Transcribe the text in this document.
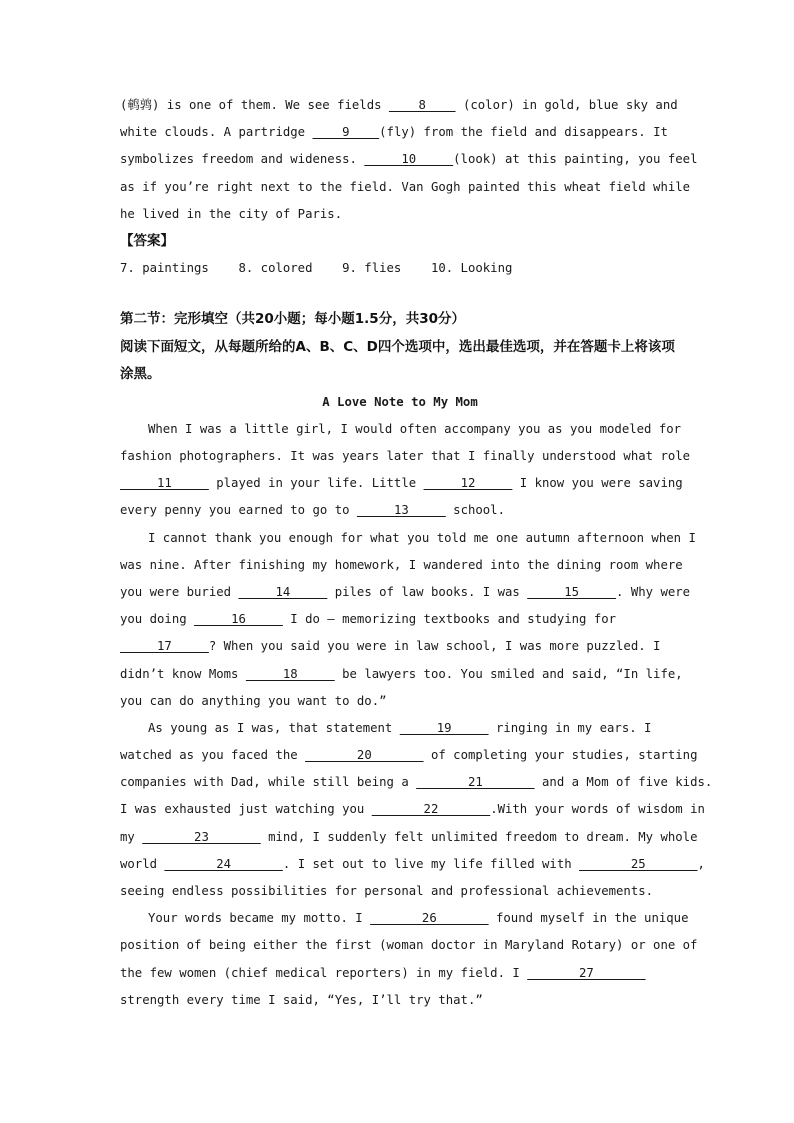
(鹌鹑) is one of them. We see fields     8     (color) in gold, blue sky and
white clouds. A partridge     9    (fly) from the field and disappears. It
symbolizes freedom and wideness.      10     (look) at this painting, you feel
as if you’re right next to the field. Van Gogh painted this wheat field while
he lived in the city of Paris.
【答案】
7. paintings    8. colored    9. flies    10. Looking
第二节：完形填空（共20小题；每小题1.5分，共30分）
阅读下面短文，从每题所给的A、B、C、D四个选项中，选出最佳选项，并在答题卡上将该项涂黑。
A Love Note to My Mom
When I was a little girl, I would often accompany you as you modeled for
fashion photographers. It was years later that I finally understood what role
11      played in your life. Little      12      I know you were saving
every penny you earned to go to      13      school.
I cannot thank you enough for what you told me one autumn afternoon when I
was nine. After finishing my homework, I wandered into the dining room where
you were buried      14      piles of law books. I was      15     . Why were
you doing      16      I do — memorizing textbooks and studying for
17     ? When you said you were in law school, I was more puzzled. I
didn’t know Moms      18      be lawyers too. You smiled and said, “In life,
you can do anything you want to do.”
As young as I was, that statement      19      ringing in my ears. I
watched as you faced the        20        of completing your studies, starting
companies with Dad, while still being a        21        and a Mom of five kids.
I was exhausted just watching you        22       .With your words of wisdom in
my        23        mind, I suddenly felt unlimited freedom to dream. My whole
world        24       . I set out to live my life filled with        25       ,
seeing endless possibilities for personal and professional achievements.
Your words became my motto. I        26        found myself in the unique
position of being either the first (woman doctor in Maryland Rotary) or one of
the few women (chief medical reporters) in my field. I        27
strength every time I said, “Yes, I’ll try that.”
